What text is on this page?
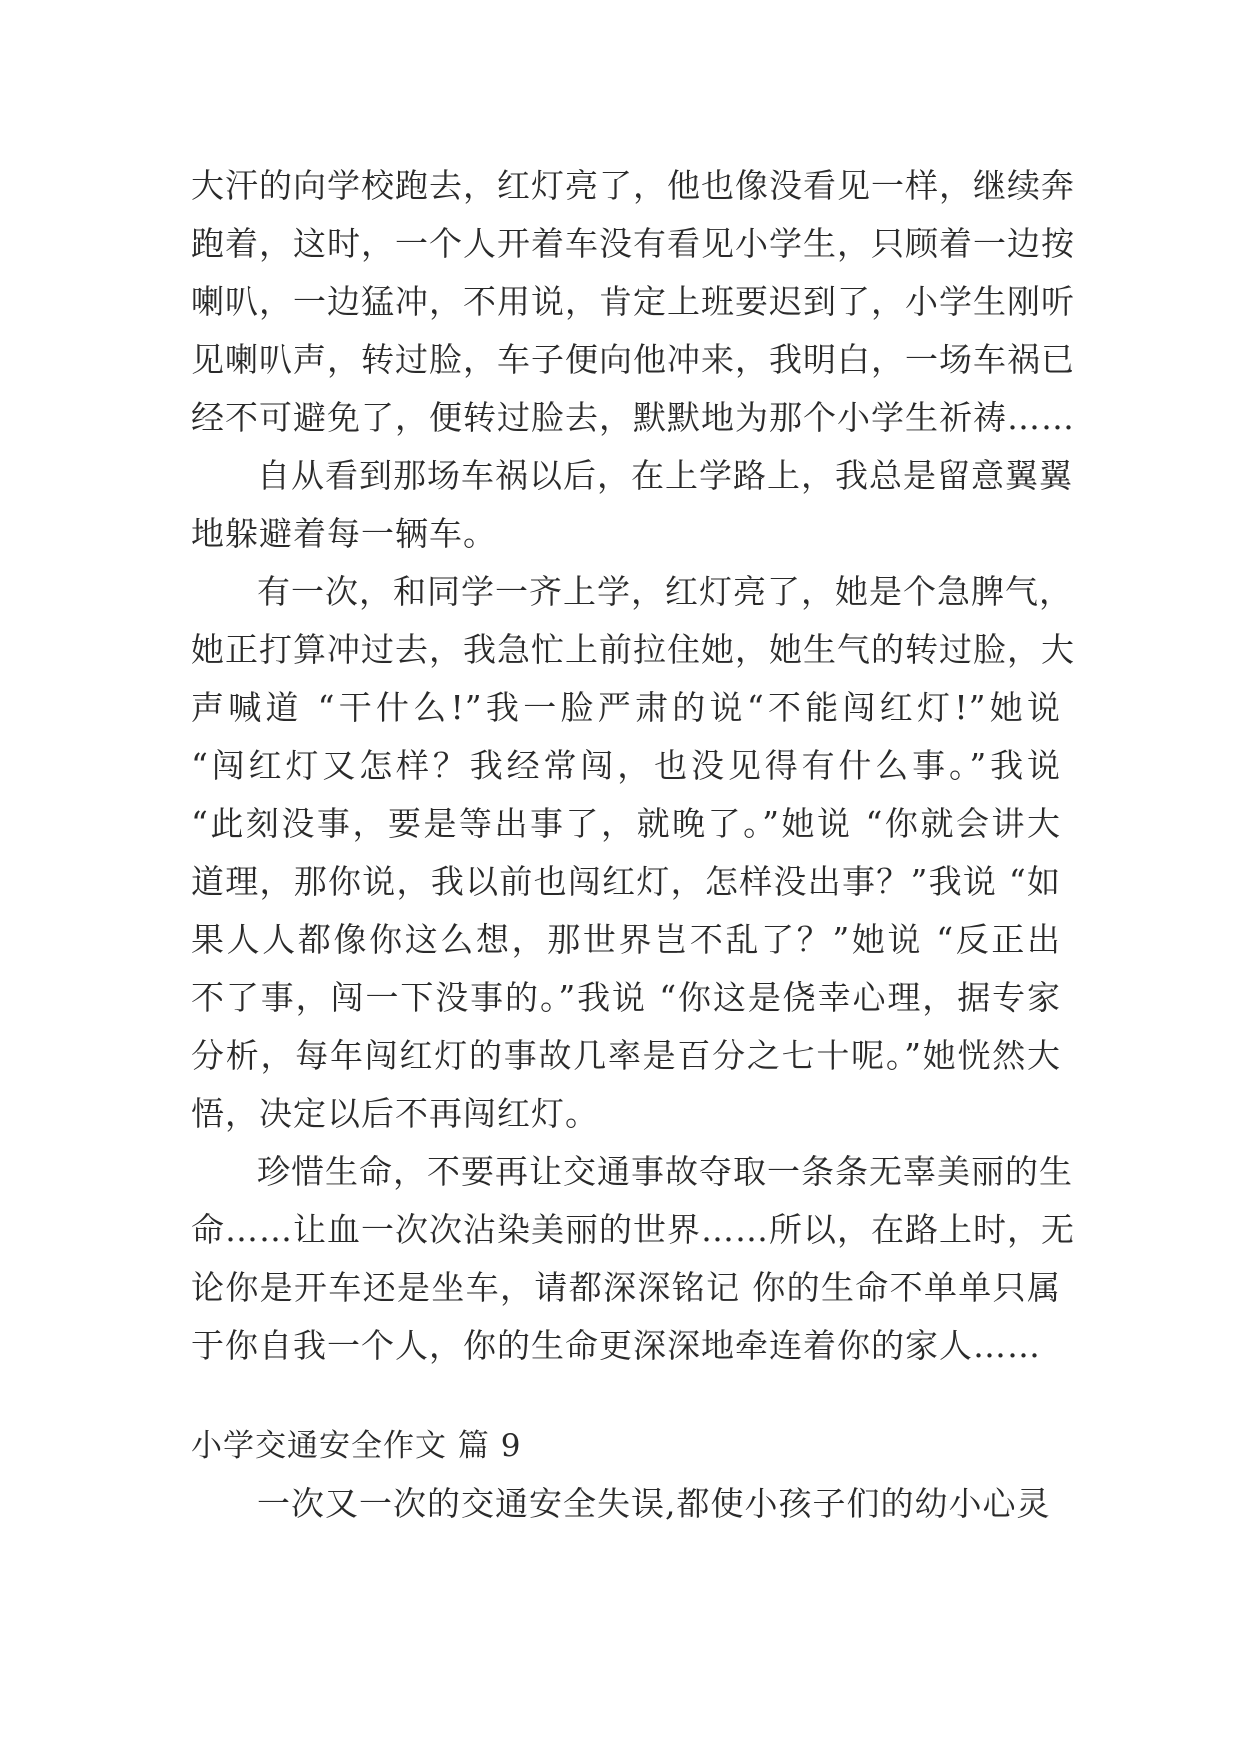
大汗的向学校跑去，红灯亮了，他也像没看见一样，继续奔
跑着，这时，一个人开着车没有看见小学生，只顾着一边按
喇叭，一边猛冲，不用说，肯定上班要迟到了，小学生刚听
见喇叭声，转过脸，车子便向他冲来，我明白，一场车祸已
经不可避免了，便转过脸去，默默地为那个小学生祈祷……
自从看到那场车祸以后，在上学路上，我总是留意翼翼
地躲避着每一辆车。
有一次，和同学一齐上学，红灯亮了，她是个急脾气，
她正打算冲过去，我急忙上前拉住她，她生气的转过脸，大
声喊道 “干什么!”我一脸严肃的说“不能闯红灯!”她说
“闯红灯又怎样？我经常闯，也没见得有什么事。”我说
“此刻没事，要是等出事了，就晚了。”她说 “你就会讲大
道理，那你说，我以前也闯红灯，怎样没出事？”我说 “如
果人人都像你这么想，那世界岂不乱了？”她说 “反正出
不了事，闯一下没事的。”我说 “你这是侥幸心理，据专家
分析，每年闯红灯的事故几率是百分之七十呢。”她恍然大
悟，决定以后不再闯红灯。
珍惜生命，不要再让交通事故夺取一条条无辜美丽的生
命……让血一次次沾染美丽的世界……所以，在路上时，无
论你是开车还是坐车，请都深深铭记 你的生命不单单只属
于你自我一个人，你的生命更深深地牵连着你的家人……
小学交通安全作文 篇 9
一次又一次的交通安全失误,都使小孩子们的幼小心灵
